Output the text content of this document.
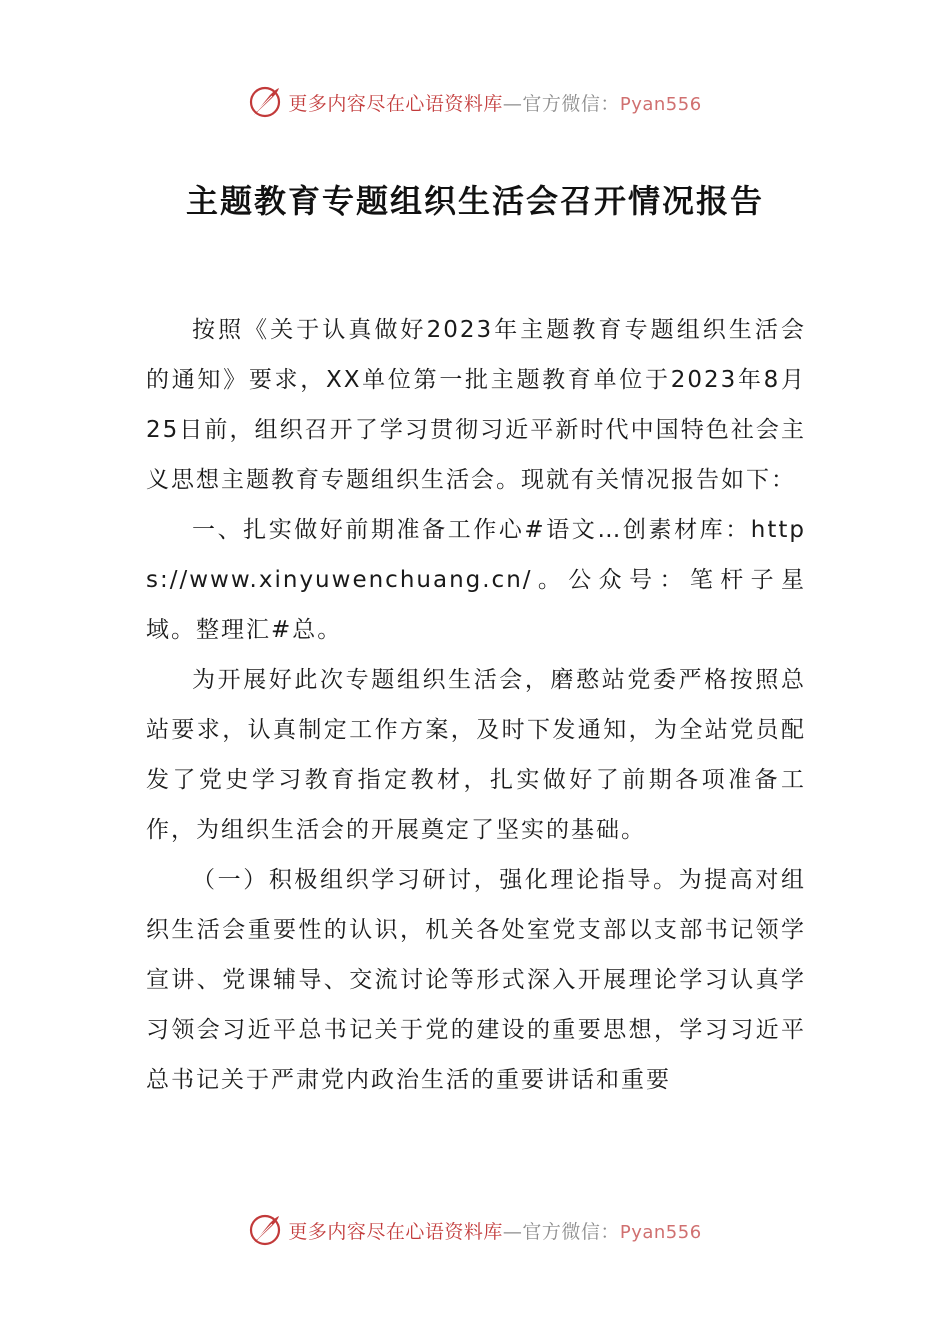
更多内容尽在心语资料库—官方微信：Pyan556
主题教育专题组织生活会召开情况报告

按照《关于认真做好2023年主题教育专题组织生活会的通知》要求，XX单位第一批主题教育单位于2023年8月25日前，组织召开了学习贯彻习近平新时代中国特色社会主义思想主题教育专题组织生活会。现就有关情况报告如下：

一、扎实做好前期准备工作心#语文…创素材库：https://www.xinyuwenchuang.cn/。公众号：笔杆子星域。整理汇#总。

为开展好此次专题组织生活会，磨憨站党委严格按照总站要求，认真制定工作方案，及时下发通知，为全站党员配发了党史学习教育指定教材，扎实做好了前期各项准备工作，为组织生活会的开展奠定了坚实的基础。

（一）积极组织学习研讨，强化理论指导。为提高对组织生活会重要性的认识，机关各处室党支部以支部书记领学宣讲、党课辅导、交流讨论等形式深入开展理论学习认真学习领会习近平总书记关于党的建设的重要思想，学习习近平总书记关于严肃党内政治生活的重要讲话和重要

更多内容尽在心语资料库—官方微信：Pyan556
